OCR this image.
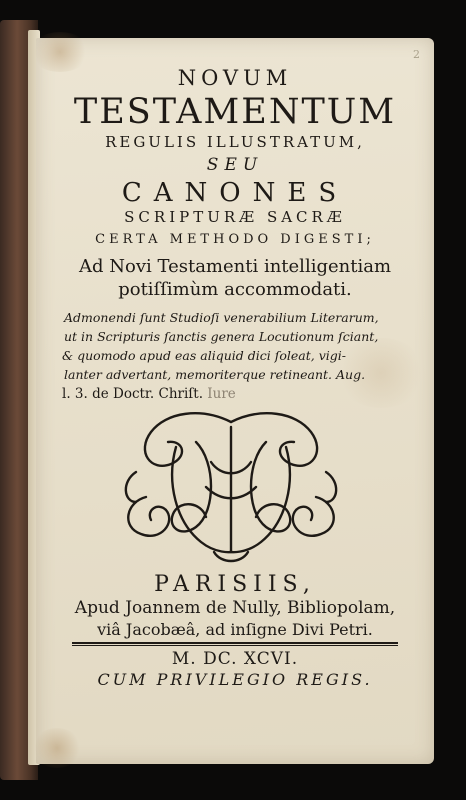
2
NOVUM
TESTAMENTUM
REGULIS ILLUSTRATUM,
SEU
CANONES
SCRIPTURÆ SACRÆ
CERTA METHODO DIGESTI;
Ad Novi Testamenti intelligentiam
potiſſimùm accommodati.
Admonendi ſunt Studioſi venerabilium Literarum,
ut in Scripturis ſanctis genera Locutionum ſciant,
& quomodo apud eas aliquid dici ſoleat, vigi-
lanter advertant, memoriterque retineant. Aug.
l. 3. de Doctr. Chriſt. Iure
PARISIIS,
Apud Joannem de Nully, Bibliopolam,
viâ Jacobæâ, ad inſigne Divi Petri.
M. DC. XCVI.
CUM PRIVILEGIO REGIS.
